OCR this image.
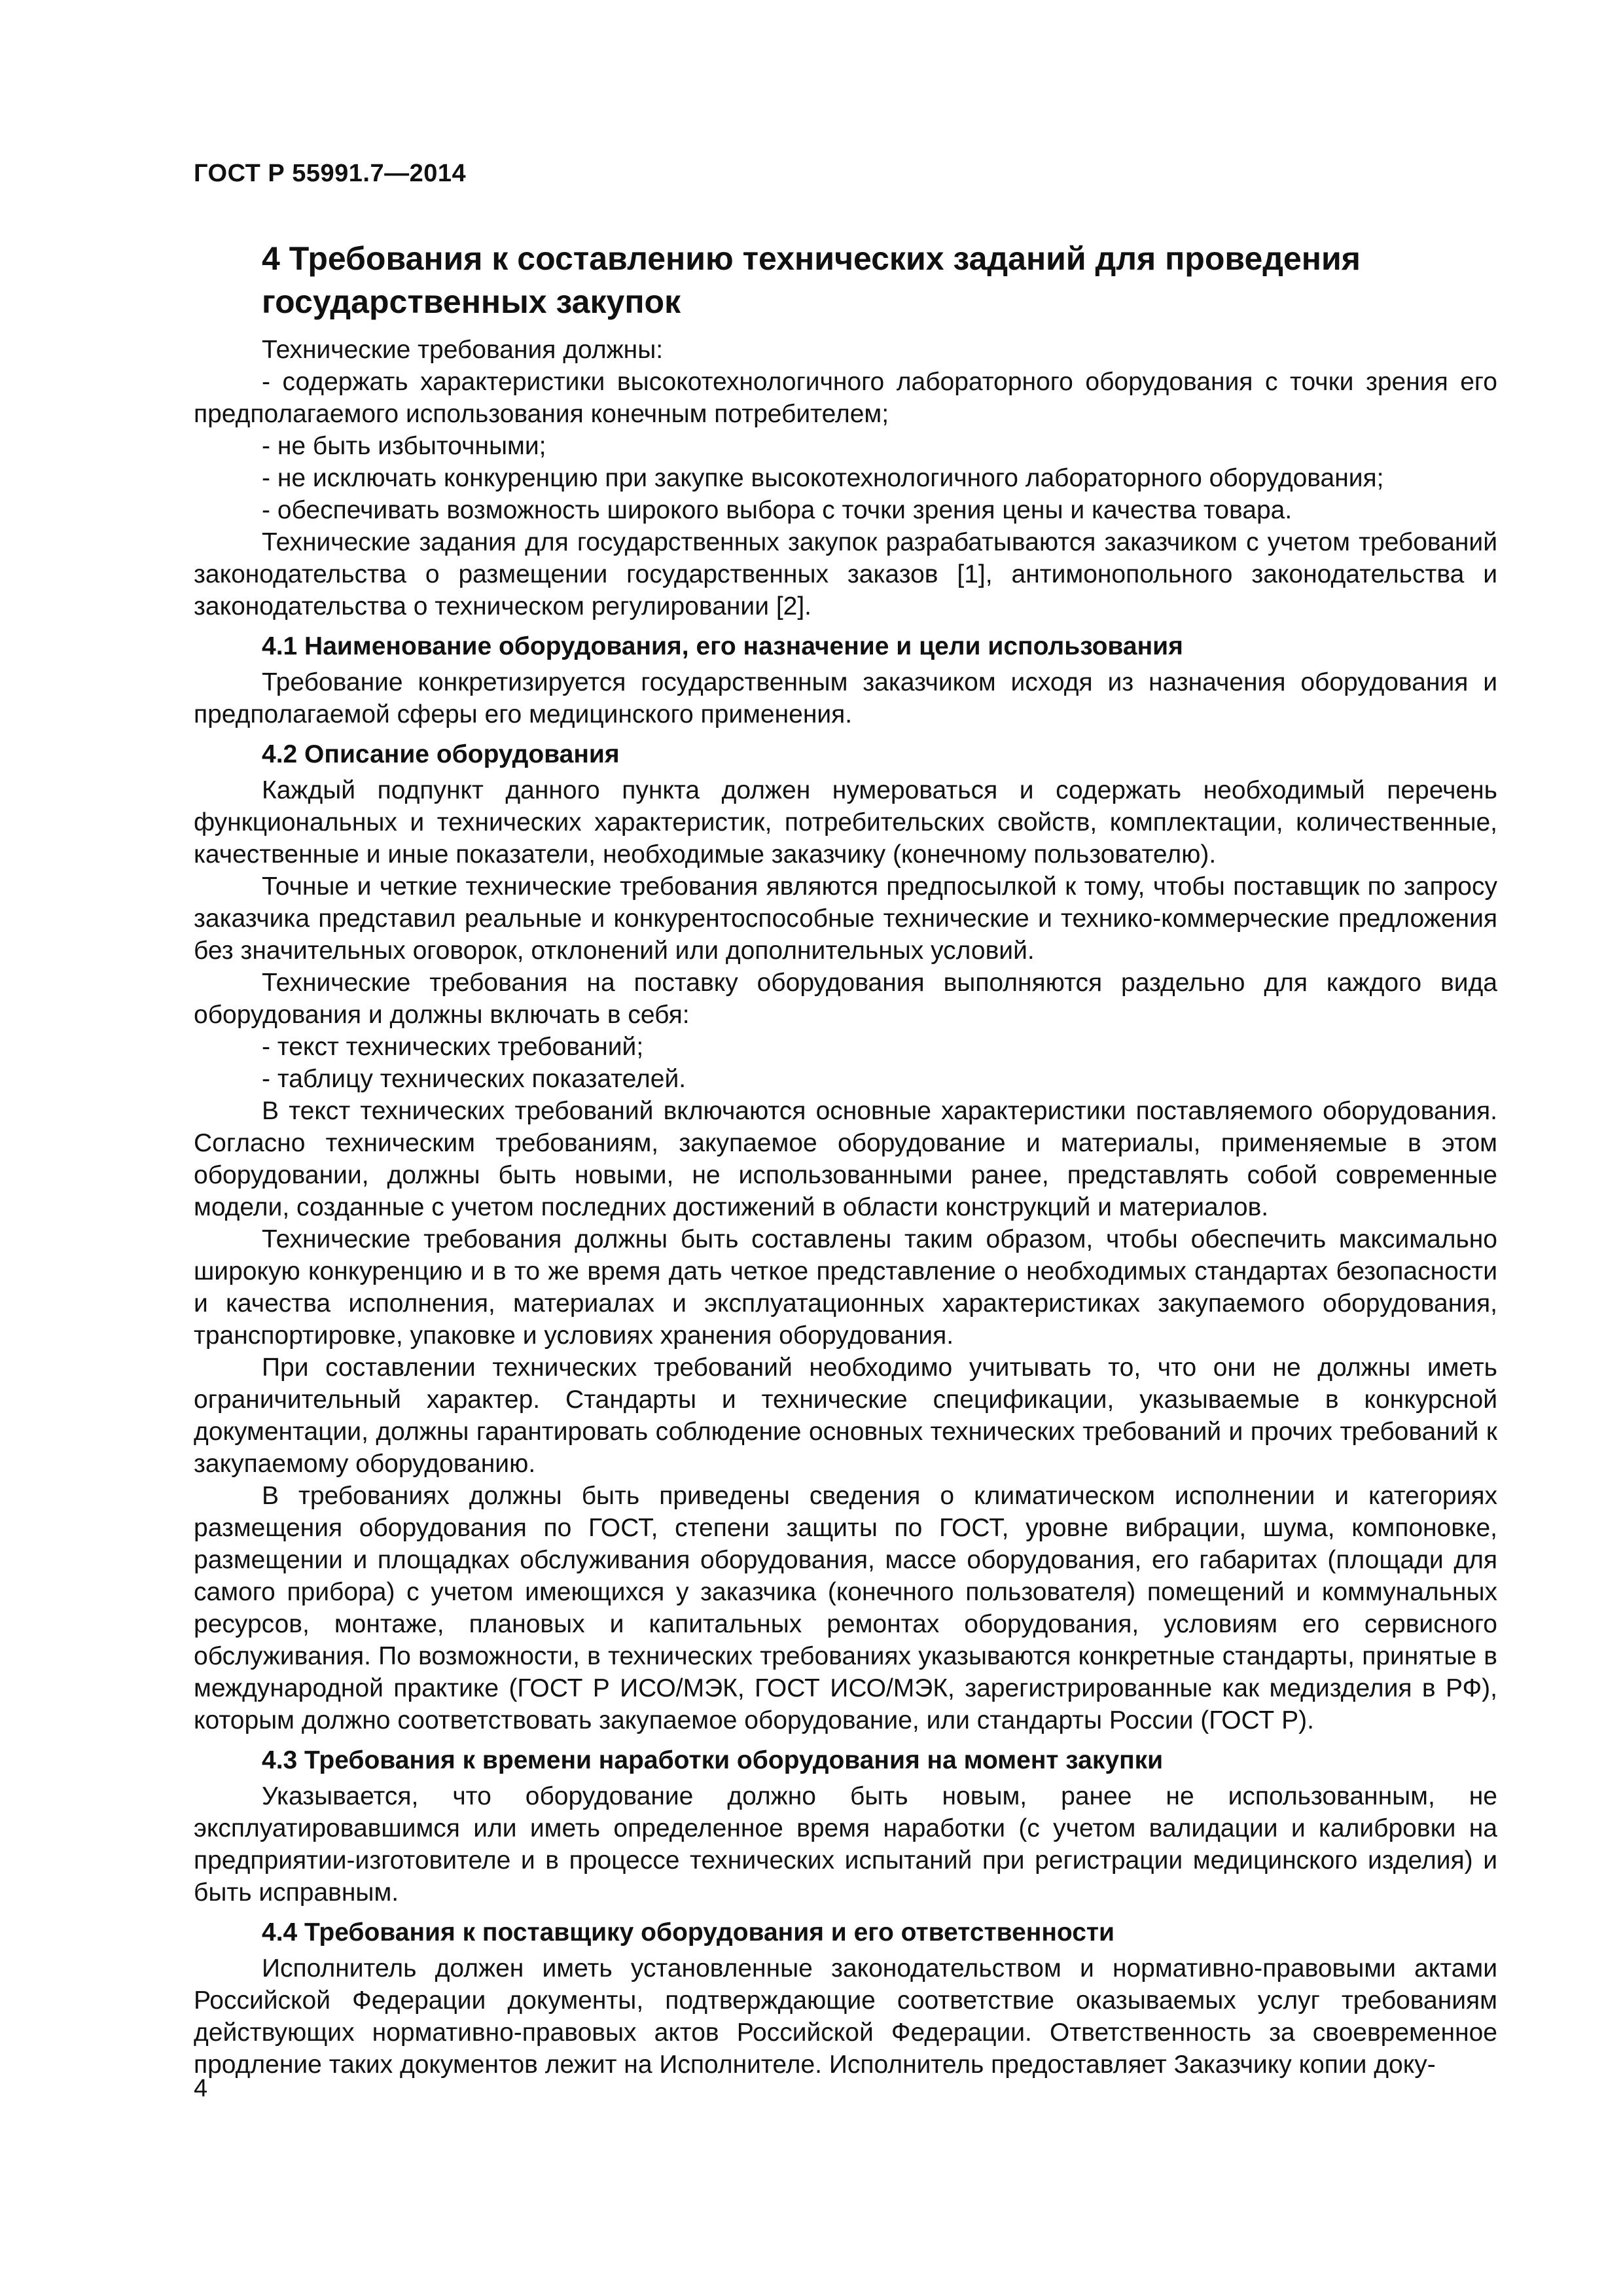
ГОСТ Р 55991.7—2014
4 Требования к составлению технических заданий для проведения государственных закупок

Технические требования должны:

- содержать характеристики высокотехнологичного лабораторного оборудования с точки зрения его предполагаемого использования конечным потребителем;

- не быть избыточными;

- не исключать конкуренцию при закупке высокотехнологичного лабораторного оборудования;

- обеспечивать возможность широкого выбора с точки зрения цены и качества товара.

Технические задания для государственных закупок разрабатываются заказчиком с учетом требований законодательства о размещении государственных заказов [1], антимонопольного законодательства и законодательства о техническом регулировании [2].

4.1 Наименование оборудования, его назначение и цели использования

Требование конкретизируется государственным заказчиком исходя из назначения оборудования и предполагаемой сферы его медицинского применения.

4.2 Описание оборудования

Каждый подпункт данного пункта должен нумероваться и содержать необходимый перечень функциональных и технических характеристик, потребительских свойств, комплектации, количественные, качественные и иные показатели, необходимые заказчику (конечному пользователю).

Точные и четкие технические требования являются предпосылкой к тому, чтобы поставщик по запросу заказчика представил реальные и конкурентоспособные технические и технико-коммерческие предложения без значительных оговорок, отклонений или дополнительных условий.

Технические требования на поставку оборудования выполняются раздельно для каждого вида оборудования и должны включать в себя:

- текст технических требований;

- таблицу технических показателей.

В текст технических требований включаются основные характеристики поставляемого оборудования. Согласно техническим требованиям, закупаемое оборудование и материалы, применяемые в этом оборудовании, должны быть новыми, не использованными ранее, представлять собой современные модели, созданные с учетом последних достижений в области конструкций и материалов.

Технические требования должны быть составлены таким образом, чтобы обеспечить максимально широкую конкуренцию и в то же время дать четкое представление о необходимых стандартах безопасности и качества исполнения, материалах и эксплуатационных характеристиках закупаемого оборудования, транспортировке, упаковке и условиях хранения оборудования.

При составлении технических требований необходимо учитывать то, что они не должны иметь ограничительный характер. Стандарты и технические спецификации, указываемые в конкурсной документации, должны гарантировать соблюдение основных технических требований и прочих требований к закупаемому оборудованию.

В требованиях должны быть приведены сведения о климатическом исполнении и категориях размещения оборудования по ГОСТ, степени защиты по ГОСТ, уровне вибрации, шума, компоновке, размещении и площадках обслуживания оборудования, массе оборудования, его габаритах (площади для самого прибора) с учетом имеющихся у заказчика (конечного пользователя) помещений и коммунальных ресурсов, монтаже, плановых и капитальных ремонтах оборудования, условиям его сервисного обслуживания. По возможности, в технических требованиях указываются конкретные стандарты, принятые в международной практике (ГОСТ Р ИСО/МЭК, ГОСТ ИСО/МЭК, зарегистрированные как медизделия в РФ), которым должно соответствовать закупаемое оборудование, или стандарты России (ГОСТ Р).

4.3 Требования к времени наработки оборудования на момент закупки

Указывается, что оборудование должно быть новым, ранее не использованным, не эксплуатировавшимся или иметь определенное время наработки (с учетом валидации и калибровки на предприятии-изготовителе и в процессе технических испытаний при регистрации медицинского изделия) и быть исправным.

4.4 Требования к поставщику оборудования и его ответственности

Исполнитель должен иметь установленные законодательством и нормативно-правовыми актами Российской Федерации документы, подтверждающие соответствие оказываемых услуг требованиям действующих нормативно-правовых актов Российской Федерации. Ответственность за своевременное продление таких документов лежит на Исполнителе. Исполнитель предоставляет Заказчику копии доку-

4
